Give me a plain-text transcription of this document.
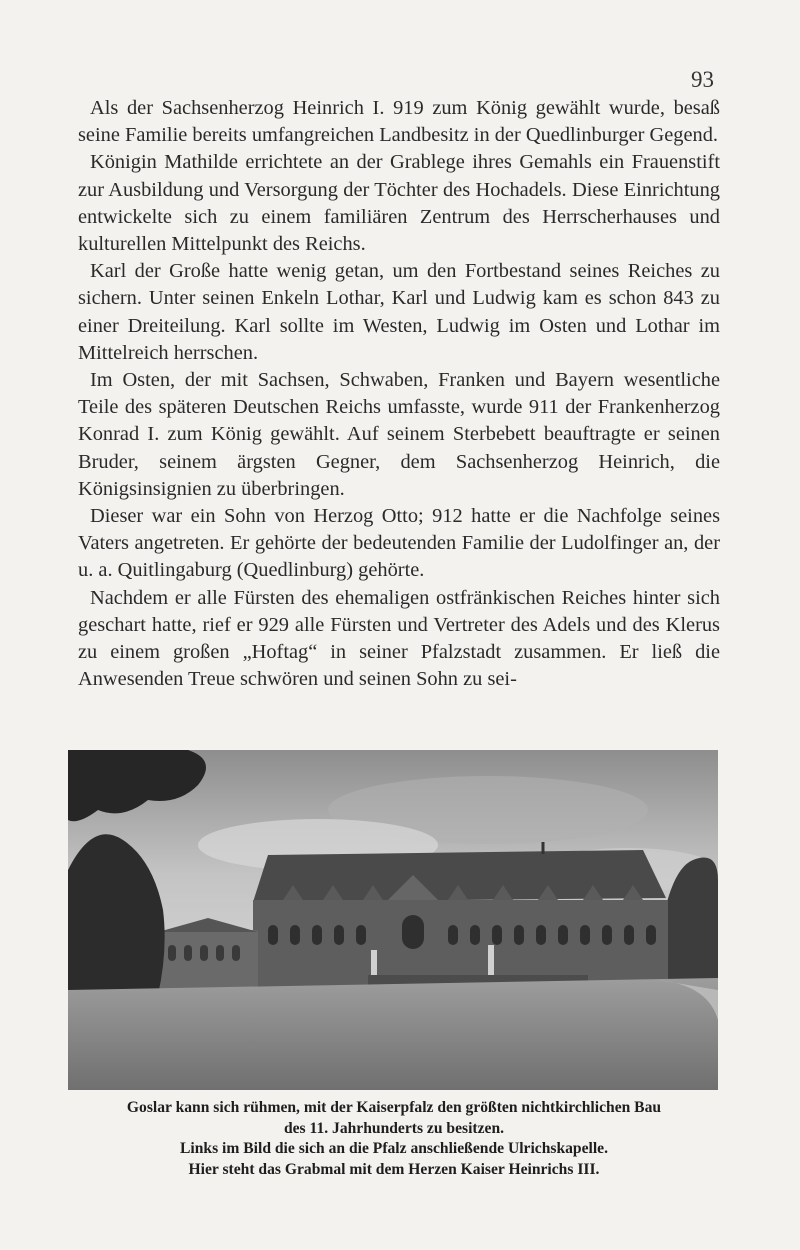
93

Als der Sachsenherzog Heinrich I. 919 zum König gewählt wurde, besaß seine Familie bereits umfangreichen Landbesitz in der Quedlinburger Gegend.

Königin Mathilde errichtete an der Grablege ihres Gemahls ein Frauenstift zur Ausbildung und Versorgung der Töchter des Hochadels. Diese Einrichtung entwickelte sich zu einem familiären Zentrum des Herrscherhauses und kulturellen Mittelpunkt des Reichs.

Karl der Große hatte wenig getan, um den Fortbestand seines Reiches zu sichern. Unter seinen Enkeln Lothar, Karl und Ludwig kam es schon 843 zu einer Dreiteilung. Karl sollte im Westen, Ludwig im Osten und Lothar im Mittelreich herrschen.

Im Osten, der mit Sachsen, Schwaben, Franken und Bayern wesentliche Teile des späteren Deutschen Reichs umfasste, wurde 911 der Frankenherzog Konrad I. zum König gewählt. Auf seinem Sterbebett beauftragte er seinen Bruder, seinem ärgsten Gegner, dem Sachsenherzog Heinrich, die Königsinsignien zu überbringen.

Dieser war ein Sohn von Herzog Otto; 912 hatte er die Nachfolge seines Vaters angetreten. Er gehörte der bedeutenden Familie der Ludolfinger an, der u. a. Quitlingaburg (Quedlinburg) gehörte.

Nachdem er alle Fürsten des ehemaligen ostfränkischen Reiches hinter sich geschart hatte, rief er 929 alle Fürsten und Vertreter des Adels und des Klerus zu einem großen „Hoftag“ in seiner Pfalzstadt zusammen. Er ließ die Anwesenden Treue schwören und seinen Sohn zu sei-

Goslar kann sich rühmen, mit der Kaiserpfalz den größten nichtkirchlichen Bau
des 11. Jahrhunderts zu besitzen.
Links im Bild die sich an die Pfalz anschließende Ulrichskapelle.
Hier steht das Grabmal mit dem Herzen Kaiser Heinrichs III.
